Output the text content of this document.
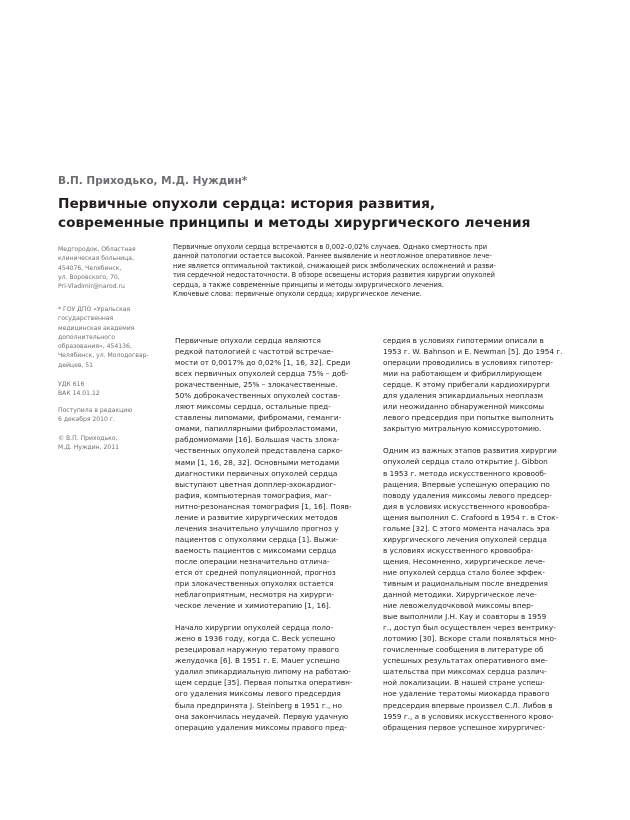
В.П. Приходько, М.Д. Нуждин*
Первичные опухоли сердца: история развития,
современные принципы и методы хирургического лечения
Медгородок, Областная
клиническая больница,
454076, Челябинск,
ул. Воровского, 70,
Pri-Vladimir@narod.ru
* ГОУ ДПО «Уральская
государственная
медицинская академия
дополнительного
образования», 454136,
Челябинск, ул. Молодогвар-
дейцев, 51
УДК 616
ВАК 14.01.12
Поступила в редакцию
6 декабря 2010 г.
© В.П. Приходько,
М.Д. Нуждин, 2011
Первичные опухоли сердца встречаются в 0,002–0,02% случаев. Однако смертность при
данной патологии остается высокой. Раннее выявление и неотложное оперативное лече-
ние является оптимальной тактикой, снижающей риск эмболических осложнений и разви-
тия сердечной недостаточности. В обзоре освещены история развития хирургии опухолей
сердца, а также современные принципы и методы хирургического лечения.
Ключевые слова: первичные опухоли сердца; хирургическое лечение.
Первичные опухоли сердца являются
редкой патологией с частотой встречае-
мости от 0,0017% до 0,02% [1, 16, 32]. Среди
всех первичных опухолей сердца 75% – доб-
рокачественные, 25% – злокачественные.
50% доброкачественных опухолей состав-
ляют миксомы сердца, остальные пред-
ставлены липомами, фибромами, геманги-
омами, папиллярными фиброэластомами,
рабдомиомами [16]. Большая часть злока-
чественных опухолей представлена сарко-
мами [1, 16, 28, 32]. Основными методами
диагностики первичных опухолей сердца
выступают цветная допплер-эхокардиог-
рафия, компьютерная томография, маг-
нитно-резонансная томография [1, 16]. Появ-
ление и развитие хирургических методов
лечения значительно улучшило прогноз у
пациентов с опухолями сердца [1]. Выжи-
ваемость пациентов с миксомами сердца
после операции незначительно отлича-
ется от средней популяционной, прогноз
при злокачественных опухолях остается
неблагоприятным, несмотря на хирурги-
ческое лечение и химиотерапию [1, 16].
Начало хирургии опухолей сердца поло-
жено в 1936 году, когда C. Beck успешно
резецировал наружную тератому правого
желудочка [6]. В 1951 г. E. Mauer успешно
удалил эпикардиальную липому на работаю-
щем сердце [35]. Первая попытка оперативн-
ого удаления миксомы левого предсердия
была предпринята J. Steinberg в 1951 г., но
она закончилась неудачей. Первую удачную
операцию удаления миксомы правого пред-
сердия в условиях гипотермии описали в
1953 г. W. Bahnson и E. Newman [5]. До 1954 г.
операции проводились в условиях гипотер-
мии на работающем и фибриллирующем
сердце. К этому прибегали кардиохирурги
для удаления эпикардиальных неоплазм
или неожиданно обнаруженной миксомы
левого предсердия при попытке выполнить
закрытую митральную комиссуротомию.
Одним из важных этапов развития хирургии
опухолей сердца стало открытие J. Gibbon
в 1953 г. метода искусственного кровооб-
ращения. Впервые успешную операцию по
поводу удаления миксомы левого предсер-
дия в условиях искусственного кровообра-
щения выполнил C. Crafoord в 1954 г. в Сток-
гольме [32]. С этого момента началась эра
хирургического лечения опухолей сердца
в условиях искусственного кровообра-
щения. Несомненно, хирургическое лече-
ние опухолей сердца стало более эффек-
тивным и рациональным после внедрения
данной методики. Хирургическое лече-
ние левожелудочковой миксомы впер-
вые выполнили J.H. Kay и соавторы в 1959
г., доступ был осуществлен через вентрику-
лотомию [30]. Вскоре стали появляться мно-
гочисленные сообщения в литературе об
успешных результатах оперативного вме-
шательства при миксомах сердца различ-
ной локализации. В нашей стране успеш-
ное удаление тератомы миокарда правого
предсердия впервые произвел С.Л. Либов в
1959 г., а в условиях искусственного крово-
обращения первое успешное хирургичес-
